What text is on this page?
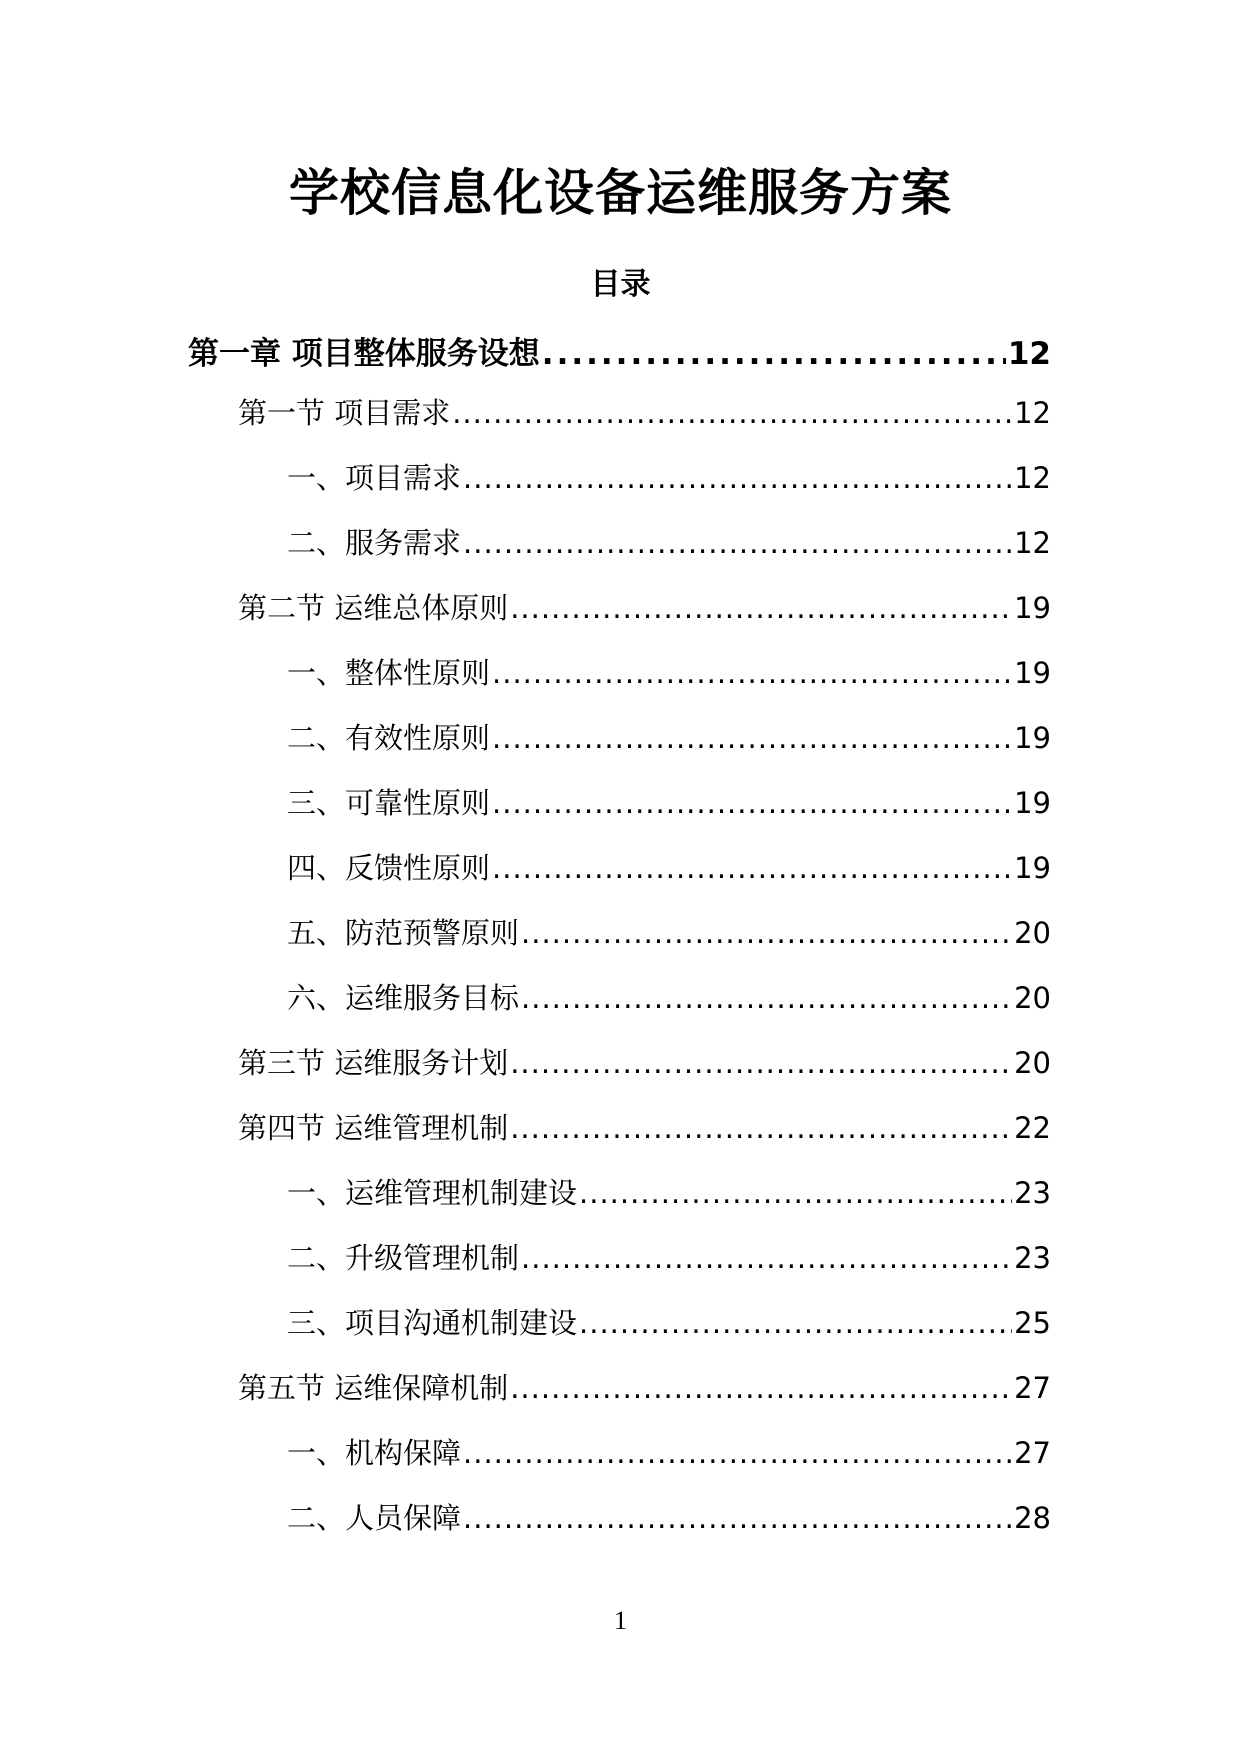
学校信息化设备运维服务方案
目录
第一章 项目整体服务设想 .....	12
第一节 项目需求 .....	12
一、项目需求 .....	12
二、服务需求 .....	12
第二节 运维总体原则 .....	19
一、整体性原则 .....	19
二、有效性原则 .....	19
三、可靠性原则 .....	19
四、反馈性原则 .....	19
五、防范预警原则 .....	20
六、运维服务目标 .....	20
第三节 运维服务计划 .....	20
第四节 运维管理机制 .....	22
一、运维管理机制建设 .....	23
二、升级管理机制 .....	23
三、项目沟通机制建设 .....	25
第五节 运维保障机制 .....	27
一、机构保障 .....	27
二、人员保障 .....	28
1
